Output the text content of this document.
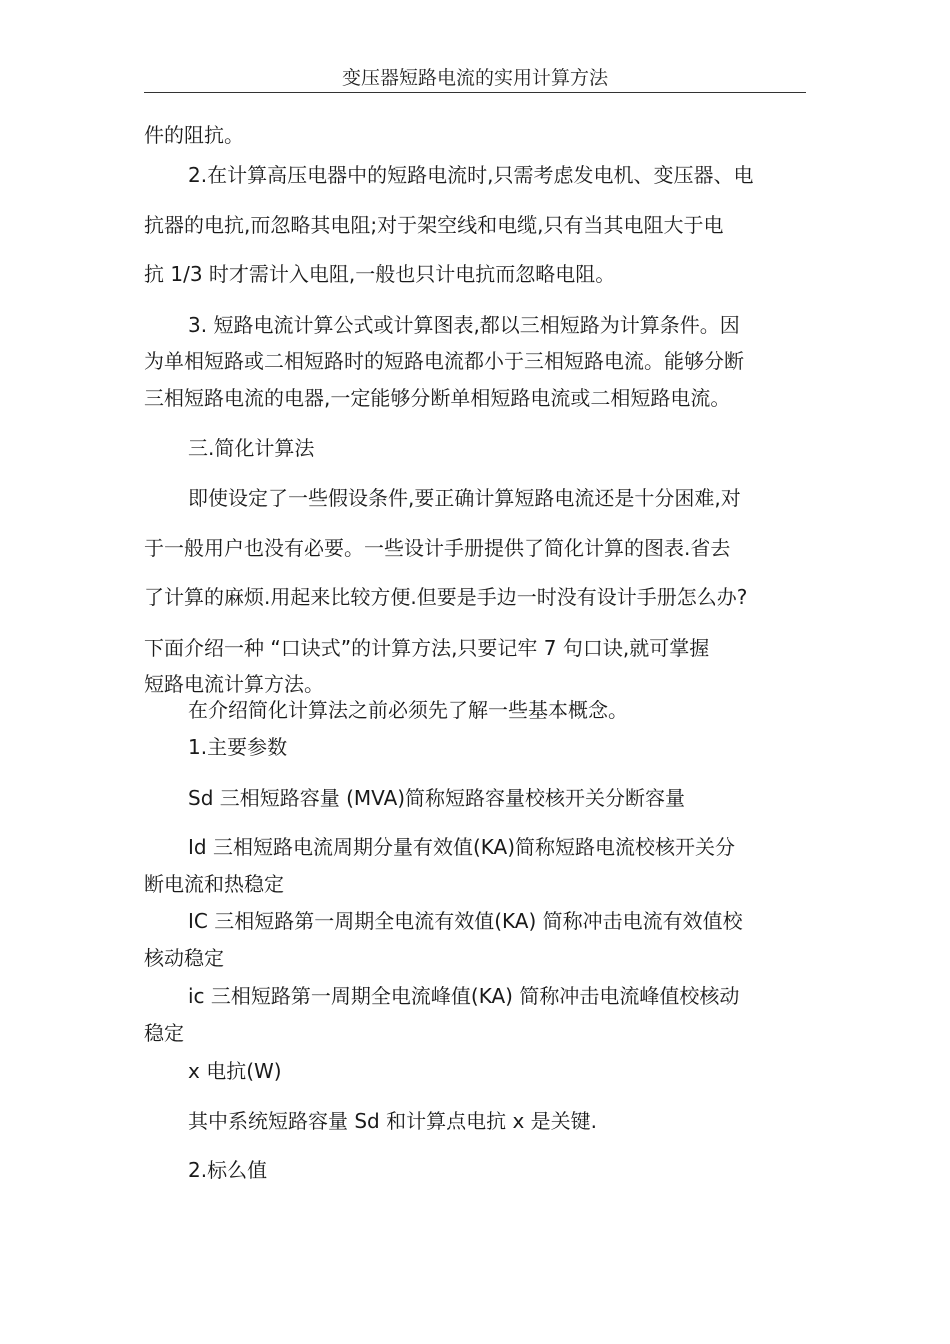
变压器短路电流的实用计算方法
件的阻抗。
2.在计算高压电器中的短路电流时,只需考虑发电机、变压器、电
抗器的电抗,而忽略其电阻;对于架空线和电缆,只有当其电阻大于电
抗 1/3 时才需计入电阻,一般也只计电抗而忽略电阻。
3. 短路电流计算公式或计算图表,都以三相短路为计算条件。因
为单相短路或二相短路时的短路电流都小于三相短路电流。能够分断
三相短路电流的电器,一定能够分断单相短路电流或二相短路电流。
三.简化计算法
即使设定了一些假设条件,要正确计算短路电流还是十分困难,对
于一般用户也没有必要。一些设计手册提供了简化计算的图表.省去
了计算的麻烦.用起来比较方便.但要是手边一时没有设计手册怎么办?
下面介绍一种 “口诀式”的计算方法,只要记牢 7 句口诀,就可掌握
短路电流计算方法。
在介绍简化计算法之前必须先了解一些基本概念。
1.主要参数
Sd 三相短路容量 (MVA)简称短路容量校核开关分断容量
Id 三相短路电流周期分量有效值(KA)简称短路电流校核开关分
断电流和热稳定
IC 三相短路第一周期全电流有效值(KA) 简称冲击电流有效值校
核动稳定
ic 三相短路第一周期全电流峰值(KA) 简称冲击电流峰值校核动
稳定
x 电抗(W)
其中系统短路容量 Sd 和计算点电抗 x 是关键.
2.标么值
